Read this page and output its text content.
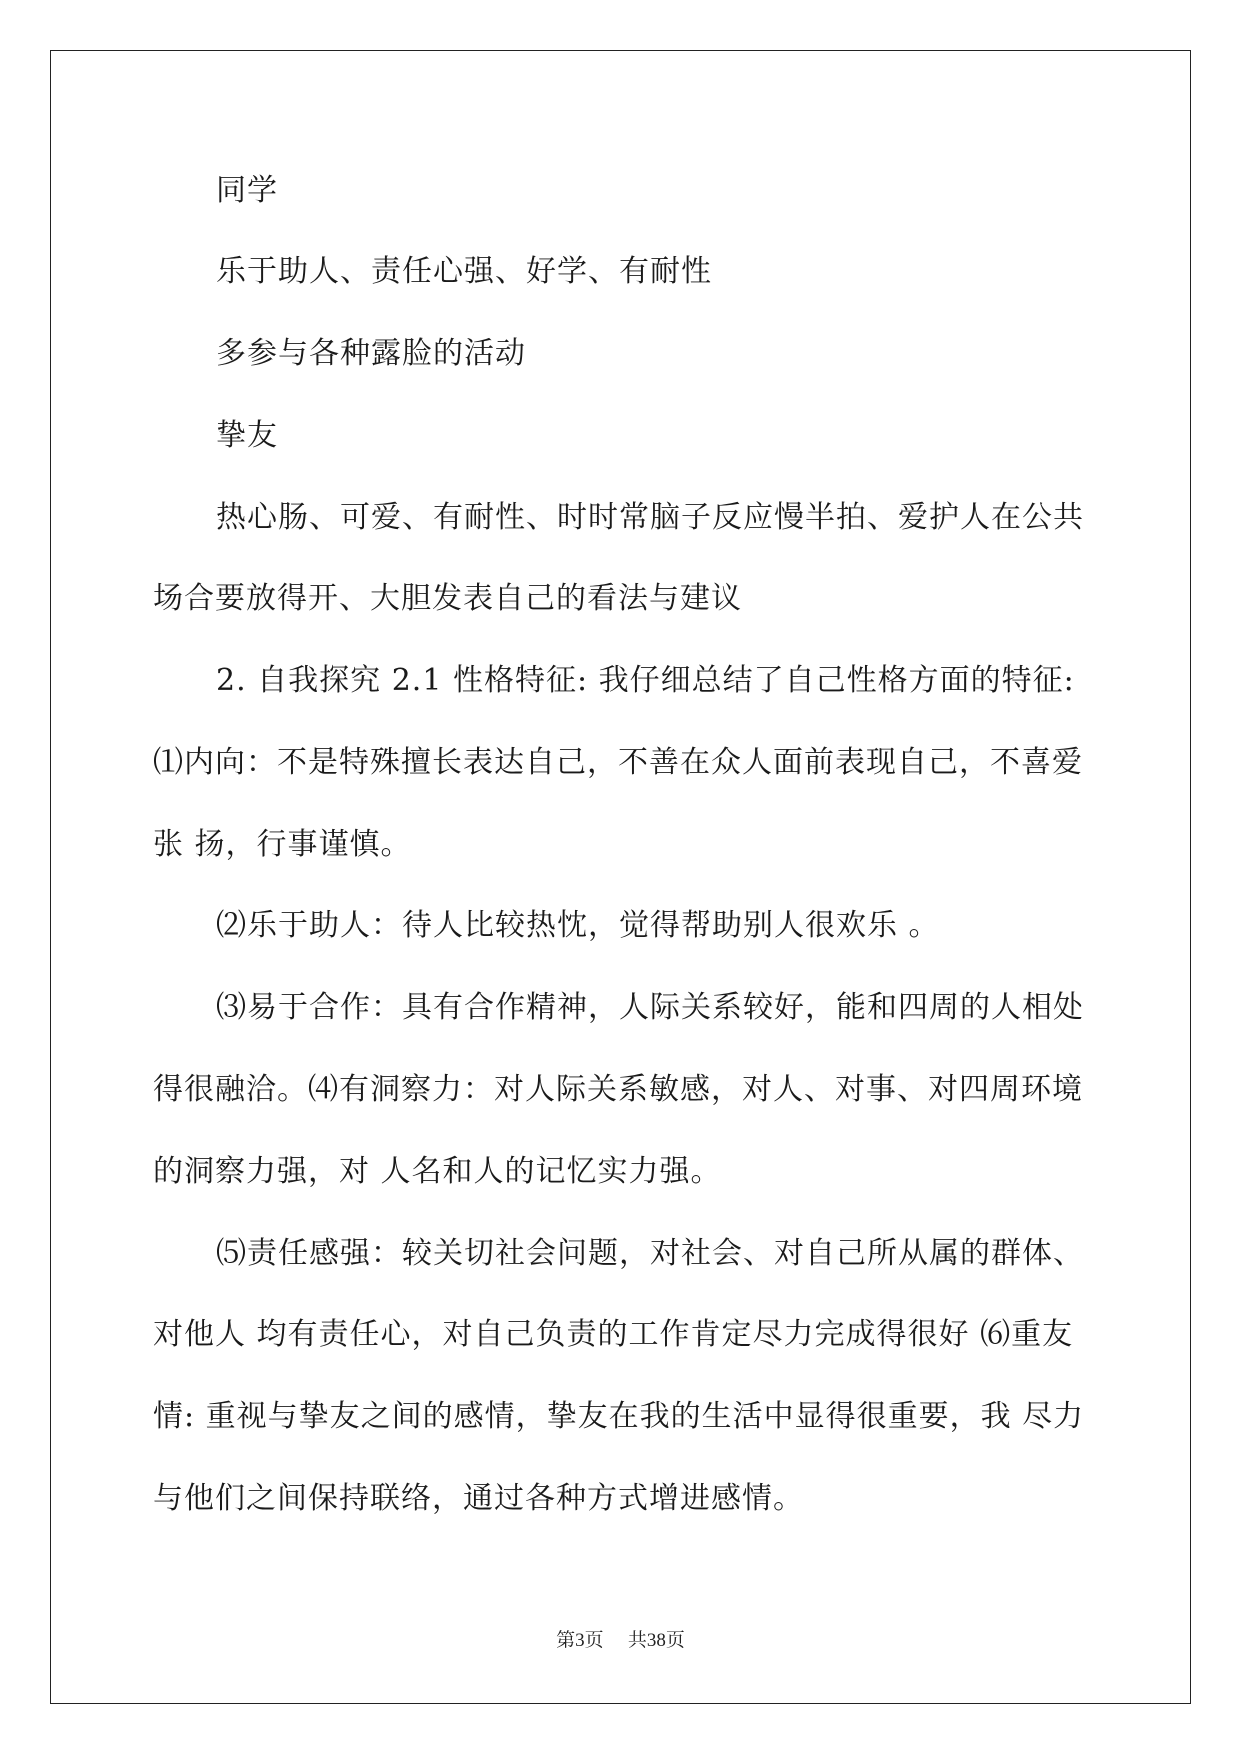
同学
乐于助人、责任心强、好学、有耐性
多参与各种露脸的活动
挚友
热心肠、可爱、有耐性、时时常脑子反应慢半拍、爱护人在公共
场合要放得开、大胆发表自己的看法与建议
2. 自我探究 2.1 性格特征: 我仔细总结了自己性格方面的特征:
⑴内向：不是特殊擅长表达自己，不善在众人面前表现自己，不喜爱
张 扬，行事谨慎。
⑵乐于助人：待人比较热忱，觉得帮助别人很欢乐 。
⑶易于合作：具有合作精神，人际关系较好，能和四周的人相处
得很融洽。⑷有洞察力：对人际关系敏感，对人、对事、对四周环境
的洞察力强，对 人名和人的记忆实力强。
⑸责任感强：较关切社会问题，对社会、对自己所从属的群体、
对他人 均有责任心，对自己负责的工作肯定尽力完成得很好 ⑹重友
情: 重视与挚友之间的感情，挚友在我的生活中显得很重要，我 尽力
与他们之间保持联络，通过各种方式增进感情。
第3页 共38页
